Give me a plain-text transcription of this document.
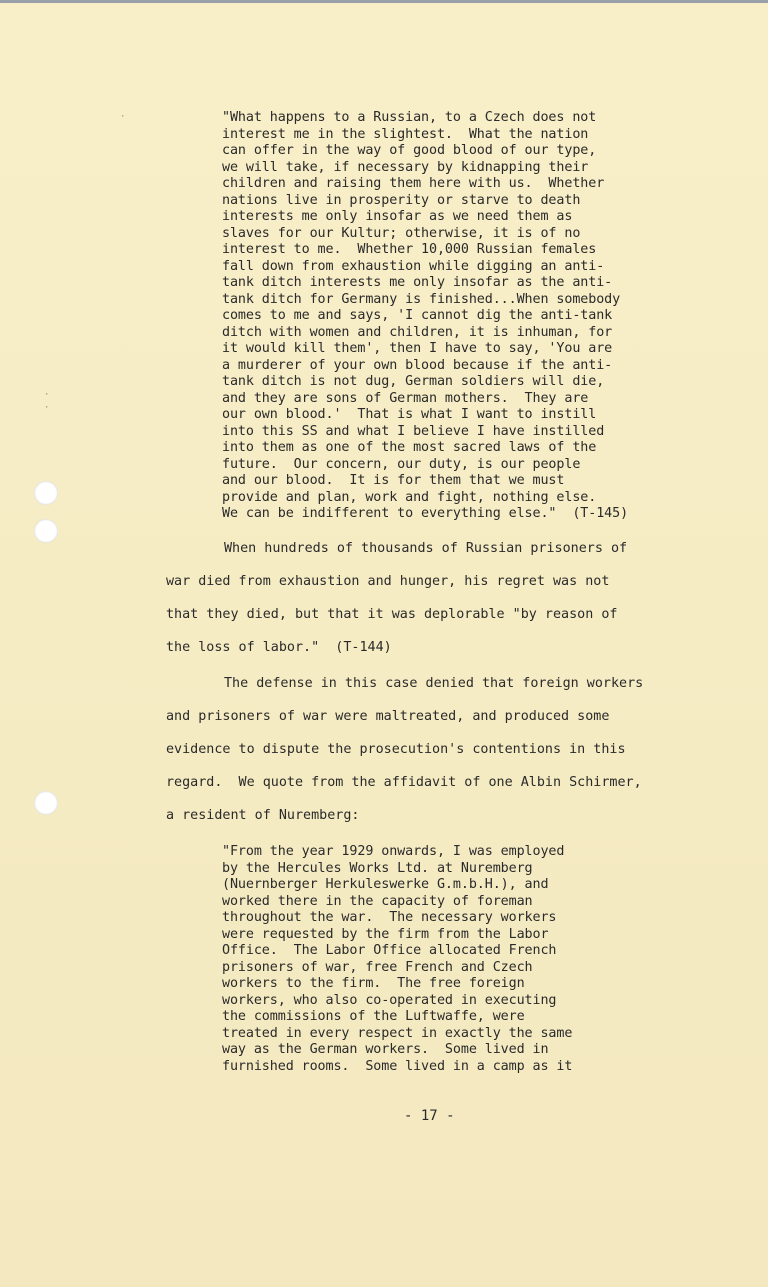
·
·
·	"What happens to a Russian, to a Czech does not
interest me in the slightest.  What the nation
can offer in the way of good blood of our type,
we will take, if necessary by kidnapping their
children and raising them here with us.  Whether
nations live in prosperity or starve to death
interests me only insofar as we need them as
slaves for our Kultur; otherwise, it is of no
interest to me.  Whether 10,000 Russian females
fall down from exhaustion while digging an anti-
tank ditch interests me only insofar as the anti-
tank ditch for Germany is finished...When somebody
comes to me and says, 'I cannot dig the anti-tank
ditch with women and children, it is inhuman, for
it would kill them', then I have to say, 'You are
a murderer of your own blood because if the anti-
tank ditch is not dug, German soldiers will die,
and they are sons of German mothers.  They are
our own blood.'  That is what I want to instill
into this SS and what I believe I have instilled
into them as one of the most sacred laws of the
future.  Our concern, our duty, is our people
and our blood.  It is for them that we must
provide and plan, work and fight, nothing else.
We can be indifferent to everything else."  (T-145)
When hundreds of thousands of Russian prisoners of
war died from exhaustion and hunger, his regret was not
that they died, but that it was deplorable "by reason of
the loss of labor."  (T-144)
The defense in this case denied that foreign workers
and prisoners of war were maltreated, and produced some
evidence to dispute the prosecution's contentions in this
regard.  We quote from the affidavit of one Albin Schirmer,
a resident of Nuremberg:
"From the year 1929 onwards, I was employed
by the Hercules Works Ltd. at Nuremberg
(Nuernberger Herkuleswerke G.m.b.H.), and
worked there in the capacity of foreman
throughout the war.  The necessary workers
were requested by the firm from the Labor
Office.  The Labor Office allocated French
prisoners of war, free French and Czech
workers to the firm.  The free foreign
workers, who also co-operated in executing
the commissions of the Luftwaffe, were
treated in every respect in exactly the same
way as the German workers.  Some lived in
furnished rooms.  Some lived in a camp as it
- 17 -
